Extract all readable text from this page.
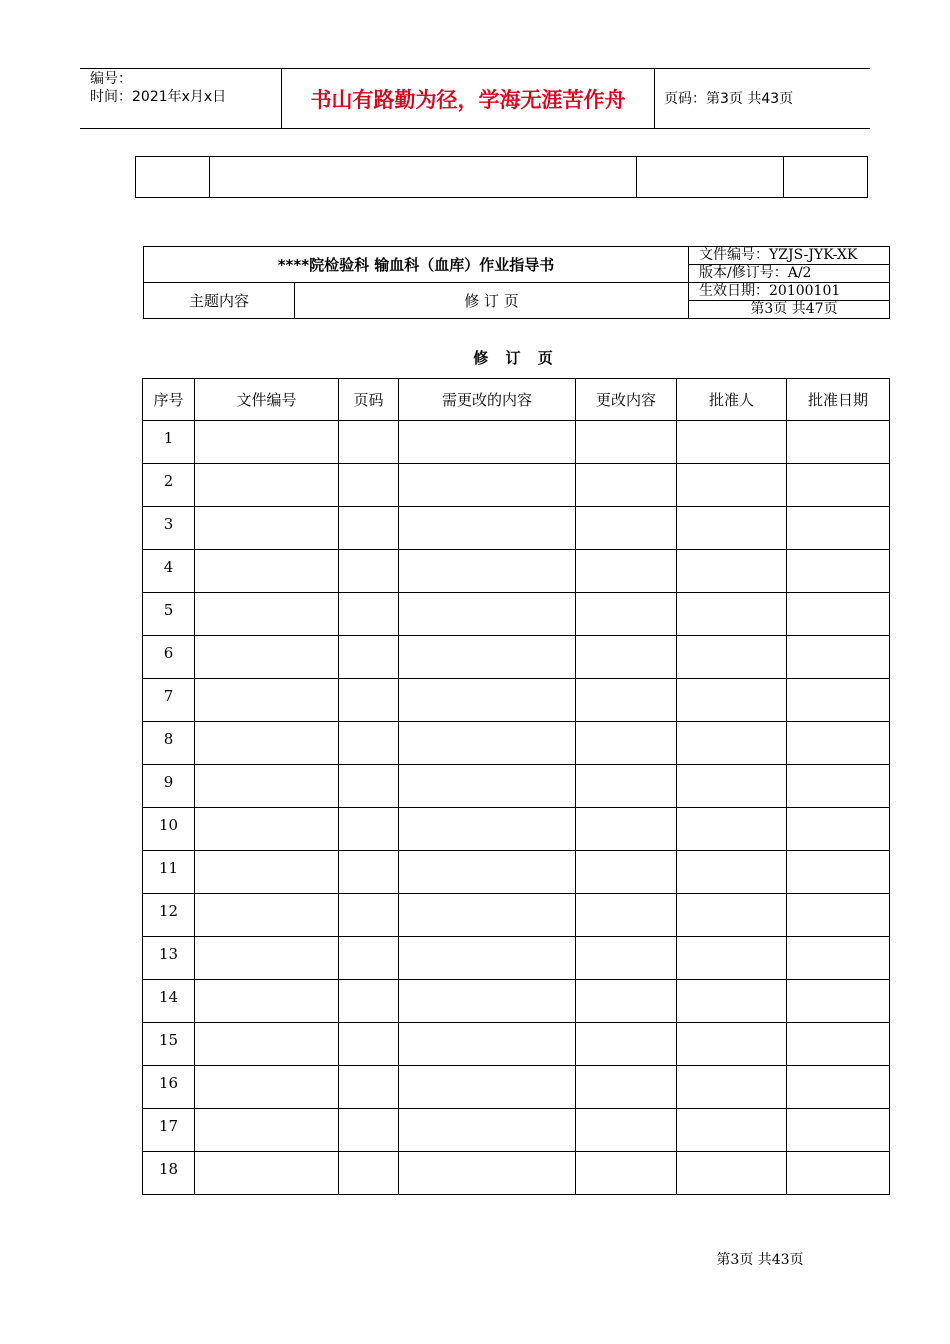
编号：
时间：2021年x月x日	书山有路勤为径，学海无涯苦作舟	页码：第3页 共43页

****院检验科 输血科（血库）作业指导书		文件编号：YZJS-JYK-XK
		版本/修订号：A/2
主题内容	修 订 页	生效日期：20100101
		第3页 共47页
修 订 页
序号	文件编号	页码	需更改的内容	更改内容	批准人	批准日期
1						
2						
3						
4						
5						
6						
7						
8						
9						
10						
11						
12						
13						
14						
15						
16						
17						
18						
第3页 共43页
